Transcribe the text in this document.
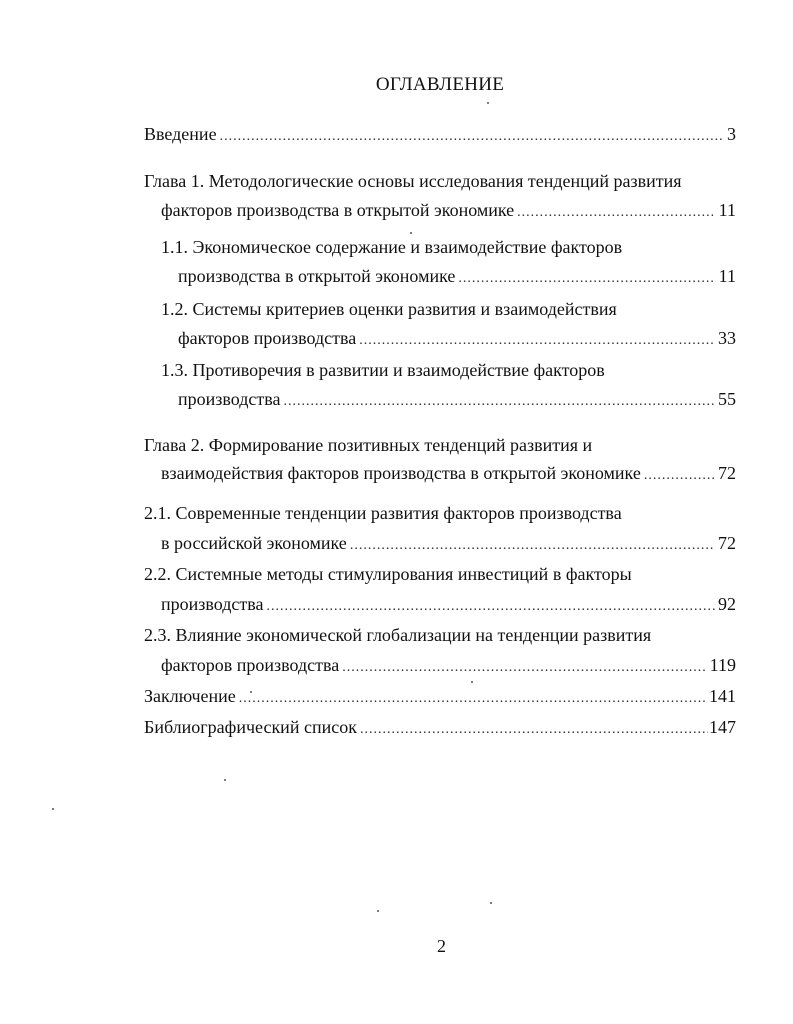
ОГЛАВЛЕНИЕ
Введение .....	3
Глава 1. Методологические основы исследования тенденций развития
факторов производства в открытой экономике .....	11
1.1. Экономическое содержание и взаимодействие факторов
производства в открытой экономике .....	11
1.2. Системы критериев оценки развития и взаимодействия
факторов производства .....	33
1.3. Противоречия в развитии и взаимодействие факторов
производства .....	55
Глава 2. Формирование позитивных тенденций развития и
взаимодействия факторов производства в открытой экономике .....	72
2.1. Современные тенденции развития факторов производства
в российской экономике .....	72
2.2. Системные методы стимулирования инвестиций в факторы
производства .....	92
2.3. Влияние экономической глобализации на тенденции развития
факторов производства .....	119
Заключение .....	141
Библиографический список .....	147
2
